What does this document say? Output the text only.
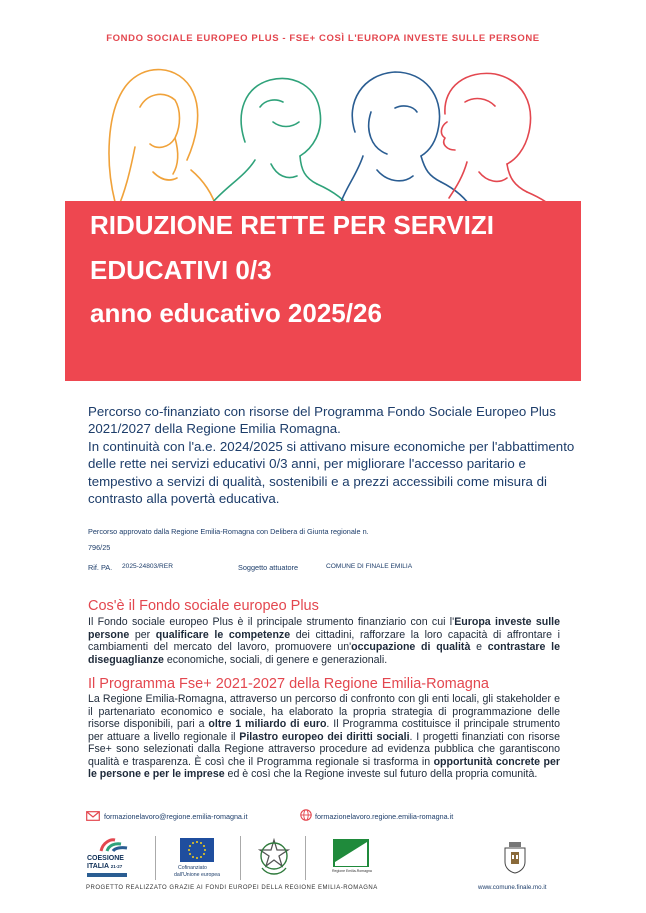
FONDO SOCIALE EUROPEO PLUS - FSE+ COSÌ L'EUROPA INVESTE SULLE PERSONE
RIDUZIONE RETTE PER SERVIZI
EDUCATIVI 0/3
anno educativo 2025/26
Percorso co-finanziato con risorse del Programma Fondo Sociale Europeo Plus 2021/2027 della Regione Emilia Romagna.
In continuità con l'a.e. 2024/2025 si attivano misure economiche per l'abbattimento delle rette nei servizi educativi 0/3 anni, per migliorare l'accesso paritario e tempestivo a servizi di qualità, sostenibili e a prezzi accessibili come misura di contrasto alla povertà educativa.
Percorso approvato dalla Regione Emilia-Romagna con Delibera di Giunta regionale n.
796/25
Rif. PA. 2025-24803/RER	Soggetto attuatore	COMUNE DI FINALE EMILIA
Cos'è il Fondo sociale europeo Plus
Il Fondo sociale europeo Plus è il principale strumento finanziario con cui l'Europa investe sulle persone per qualificare le competenze dei cittadini, rafforzare la loro capacità di affrontare i cambiamenti del mercato del lavoro, promuovere un'occupazione di qualità e contrastare le diseguaglianze economiche, sociali, di genere e generazionali.
Il Programma Fse+ 2021-2027 della Regione Emilia-Romagna
La Regione Emilia-Romagna, attraverso un percorso di confronto con gli enti locali, gli stakeholder e il partenariato economico e sociale, ha elaborato la propria strategia di programmazione delle risorse disponibili, pari a oltre 1 miliardo di euro. Il Programma costituisce il principale strumento per attuare a livello regionale il Pilastro europeo dei diritti sociali. I progetti finanziati con risorse Fse+ sono selezionati dalla Regione attraverso procedure ad evidenza pubblica che garantiscono qualità e trasparenza. È così che il Programma regionale si trasforma in opportunità concrete per le persone e per le imprese ed è così che la Regione investe sul futuro della propria comunità.
formazionelavoro@regione.emilia-romagna.it	formazionelavoro.regione.emilia-romagna.it
COESIONE
ITALIA 21-27	Cofinanziato
dall'Unione europea
Regione Emilia-Romagna
www.comune.finale.mo.it
PROGETTO REALIZZATO GRAZIE AI FONDI EUROPEI DELLA REGIONE EMILIA-ROMAGNA
